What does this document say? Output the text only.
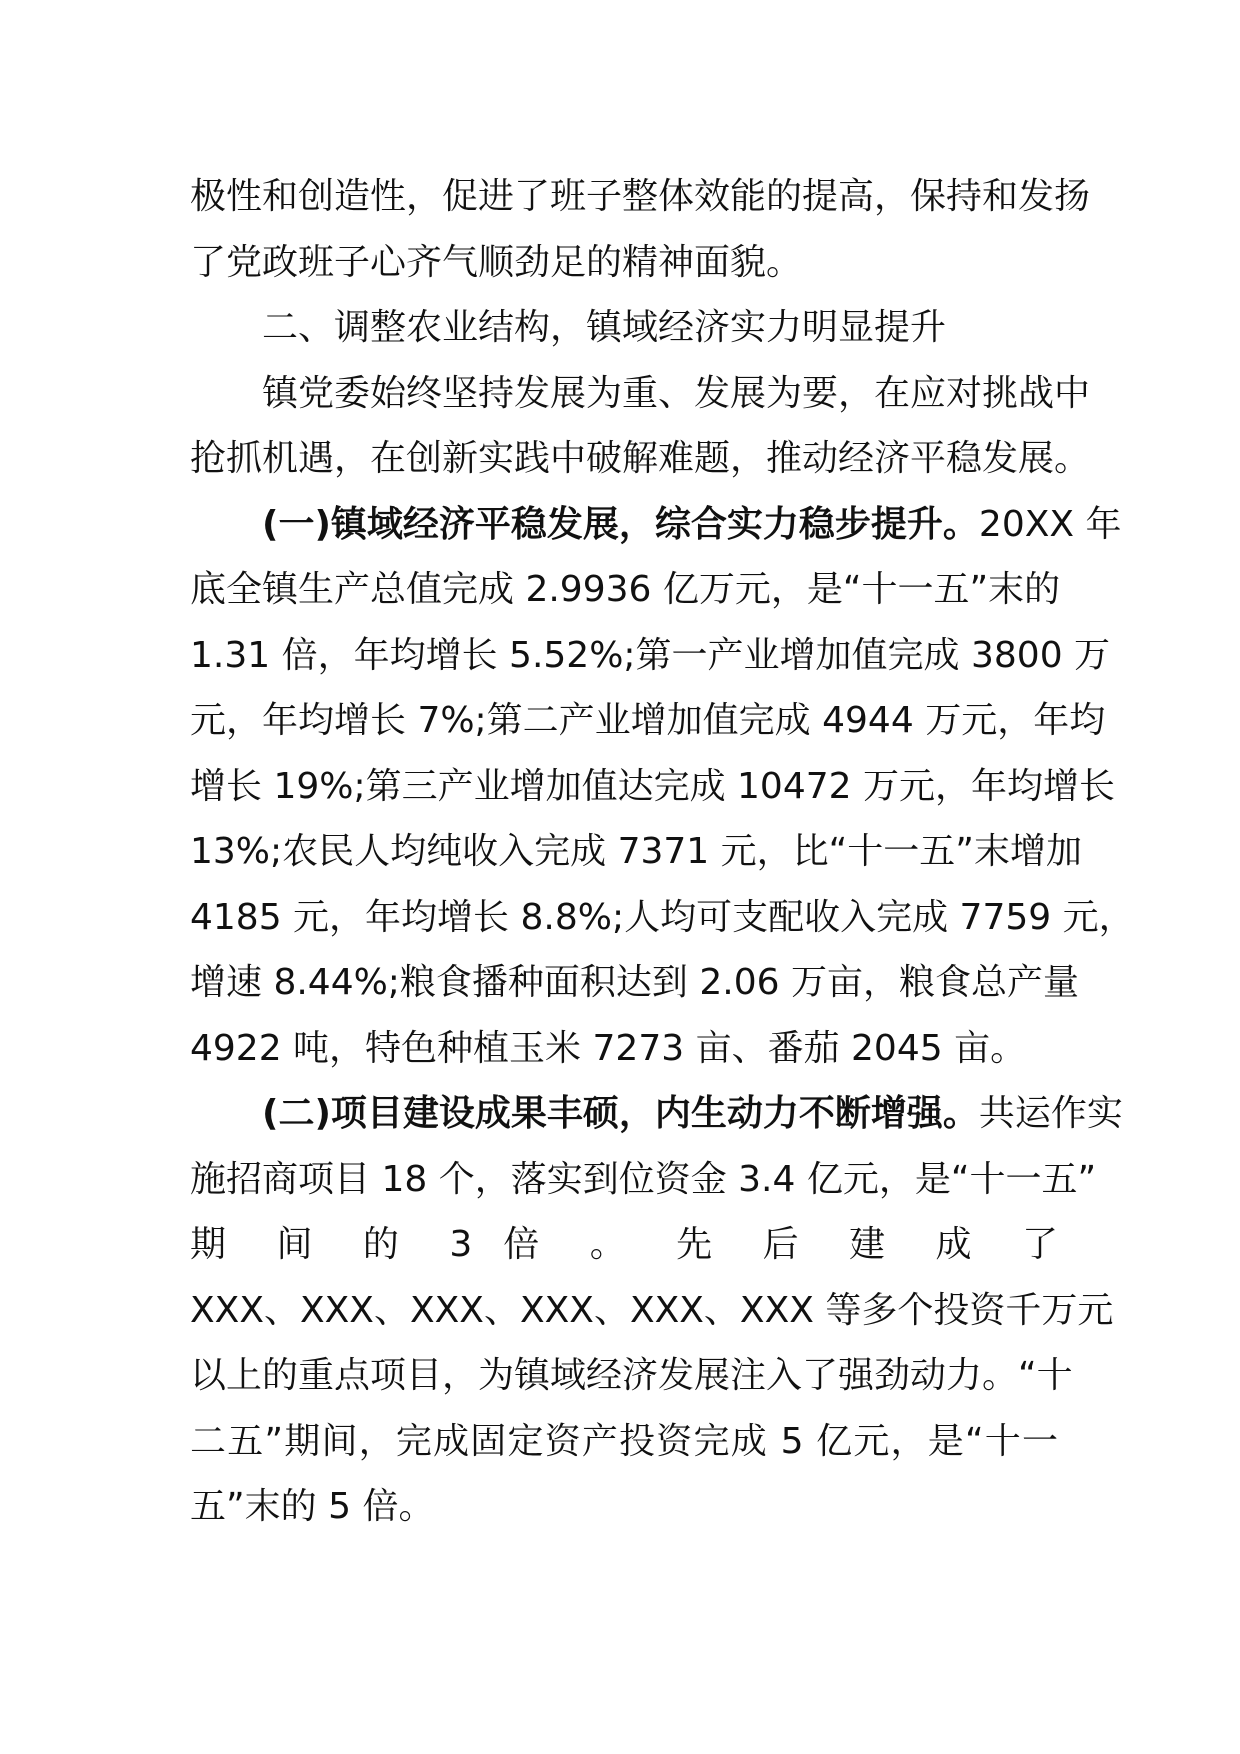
极性和创造性，促进了班子整体效能的提高，保持和发扬
了党政班子心齐气顺劲足的精神面貌。
二、调整农业结构，镇域经济实力明显提升
镇党委始终坚持发展为重、发展为要，在应对挑战中
抢抓机遇，在创新实践中破解难题，推动经济平稳发展。
(一)镇域经济平稳发展，综合实力稳步提升。20XX 年
底全镇生产总值完成 2.9936 亿万元，是“十一五”末的
1.31 倍，年均增长 5.52%;第一产业增加值完成 3800 万
元，年均增长 7%;第二产业增加值完成 4944 万元，年均
增长 19%;第三产业增加值达完成 10472 万元，年均增长
13%;农民人均纯收入完成 7371 元，比“十一五”末增加
4185 元，年均增长 8.8%;人均可支配收入完成 7759 元，
增速 8.44%;粮食播种面积达到 2.06 万亩，粮食总产量
4922 吨，特色种植玉米 7273 亩、番茄 2045 亩。
(二)项目建设成果丰硕，内生动力不断增强。共运作实
施招商项目 18 个，落实到位资金 3.4 亿元，是“十一五”
期 间 的 3 倍 。 先 后 建 成 了
XXX、XXX、XXX、XXX、XXX、XXX 等多个投资千万元
以上的重点项目，为镇域经济发展注入了强劲动力。“十
二五”期间，完成固定资产投资完成 5 亿元，是“十一
五”末的 5 倍。
